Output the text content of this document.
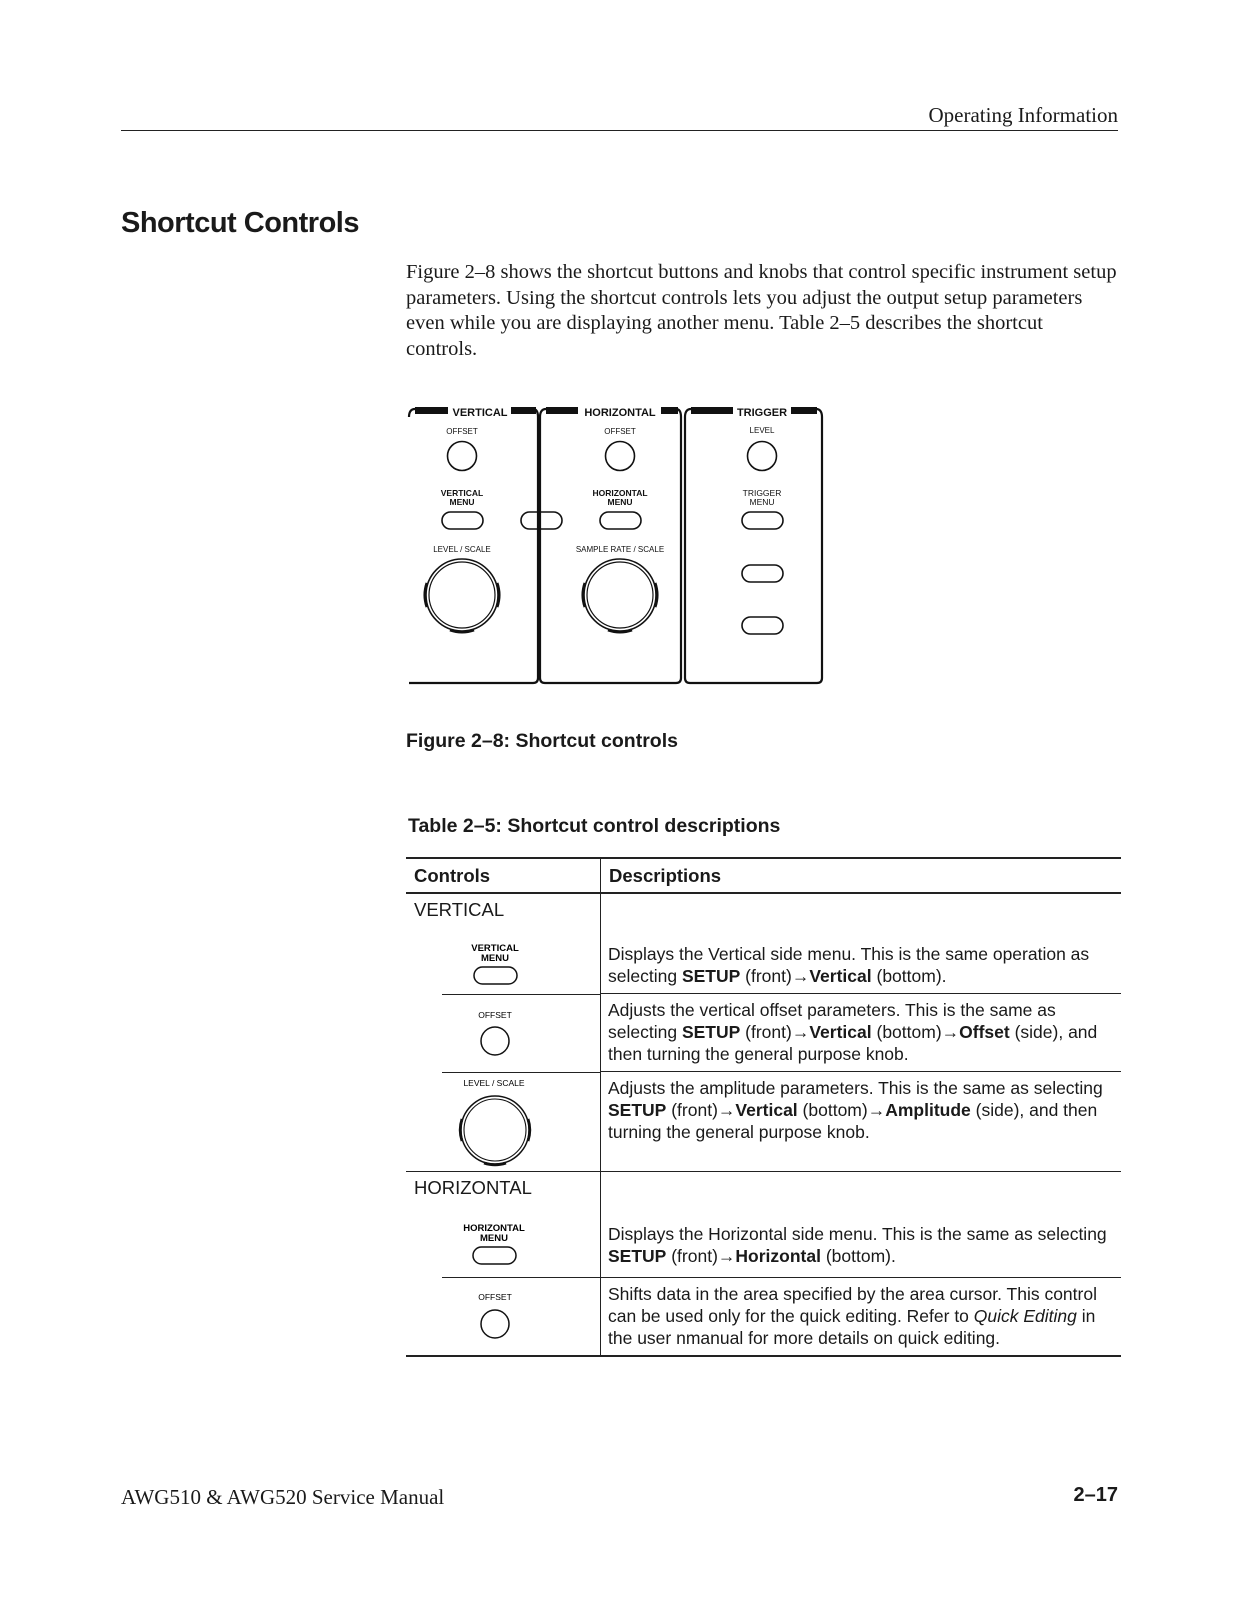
Operating Information
Shortcut Controls

Figure 2–8 shows the shortcut buttons and knobs that control specific instrument setup parameters. Using the shortcut controls lets you adjust the output setup parameters even while you are displaying another menu. Table 2–5 describes the shortcut controls.

VERTICAL	HORIZONTAL	TRIGGER
OFFSET	OFFSET	LEVEL
VERTICAL
MENU
HORIZONTAL
MENU
TRIGGER
MENU
LEVEL / SCALE	SAMPLE RATE / SCALE
Figure 2–8: Shortcut controls
Table 2–5: Shortcut control descriptions
Controls	Descriptions
VERTICAL	

VERTICAL
MENU	Displays the Vertical side menu. This is the same operation as selecting SETUP (front)→Vertical (bottom).

OFFSET	Adjusts the vertical offset parameters. This is the same as selecting SETUP (front)→Vertical (bottom)→Offset (side), and then turning the general purpose knob.

LEVEL / SCALE	Adjusts the amplitude parameters. This is the same as selecting SETUP (front)→Vertical (bottom)→Amplitude (side), and then turning the general purpose knob.
HORIZONTAL	

HORIZONTAL
MENU	Displays the Horizontal side menu. This is the same as selecting SETUP (front)→Horizontal (bottom).

OFFSET	Shifts data in the area specified by the area cursor. This control can be used only for the quick editing. Refer to Quick Editing in the user nmanual for more details on quick editing.
AWG510 & AWG520 Service Manual	2–17
